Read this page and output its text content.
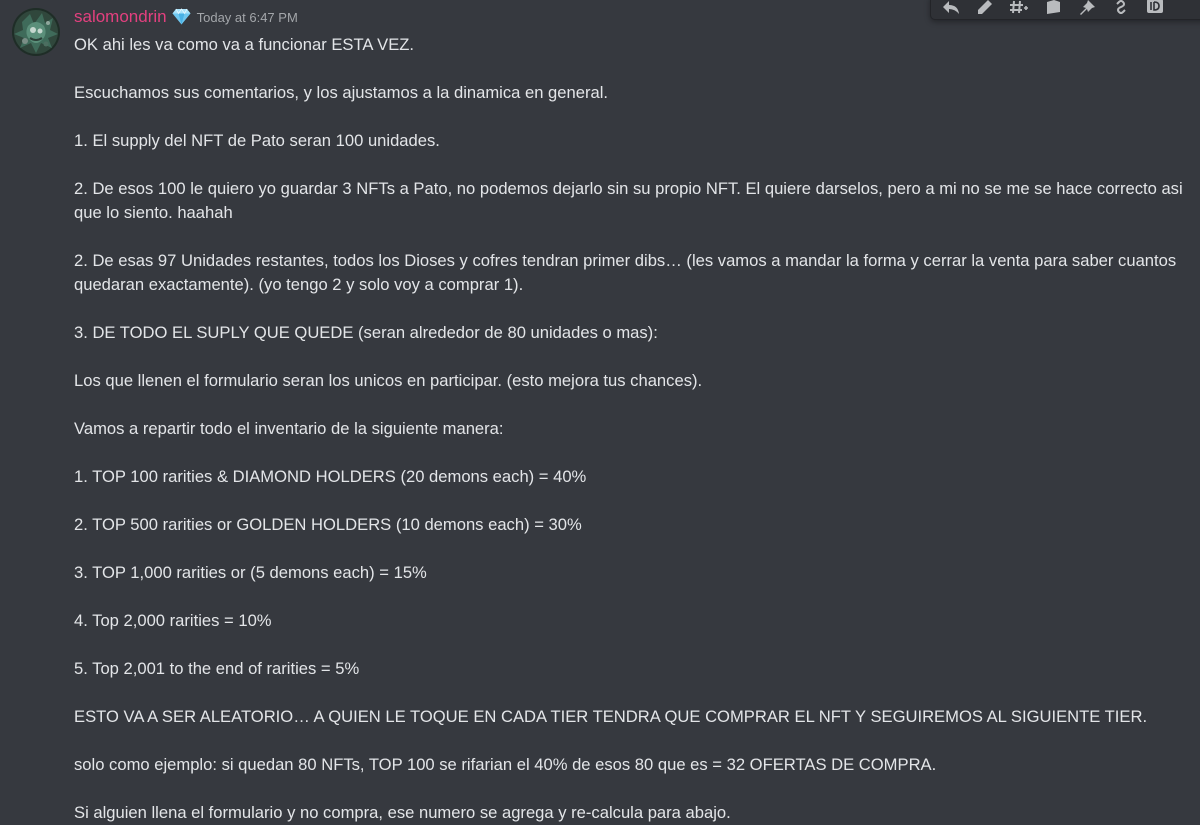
salomondrin Today at 6:47 PM

OK ahi les va como va a funcionar ESTA VEZ.

Escuchamos sus comentarios, y los ajustamos a la dinamica en general.

1. El supply del NFT de Pato seran 100 unidades.

2. De esos 100 le quiero yo guardar 3 NFTs a Pato, no podemos dejarlo sin su propio NFT. El quiere darselos, pero a mi no se me se hace correcto asi que lo siento. haahah

2. De esas 97 Unidades restantes, todos los Dioses y cofres tendran primer dibs… (les vamos a mandar la forma y cerrar la venta para saber cuantos quedaran exactamente). (yo tengo 2 y solo voy a comprar 1).

3. DE TODO EL SUPLY QUE QUEDE (seran alrededor de 80 unidades o mas):

Los que llenen el formulario seran los unicos en participar. (esto mejora tus chances).

Vamos a repartir todo el inventario de la siguiente manera:

1. TOP 100 rarities & DIAMOND HOLDERS (20 demons each) = 40%

2. TOP 500 rarities or GOLDEN HOLDERS (10 demons each) = 30%

3. TOP 1,000 rarities or (5 demons each) = 15%

4. Top 2,000 rarities = 10%

5. Top 2,001 to the end of rarities = 5%

ESTO VA A SER ALEATORIO… A QUIEN LE TOQUE EN CADA TIER TENDRA QUE COMPRAR EL NFT Y SEGUIREMOS AL SIGUIENTE TIER.

solo como ejemplo: si quedan 80 NFTs, TOP 100 se rifarian el 40% de esos 80 que es = 32 OFERTAS DE COMPRA.

Si alguien llena el formulario y no compra, ese numero se agrega y re-calcula para abajo.
